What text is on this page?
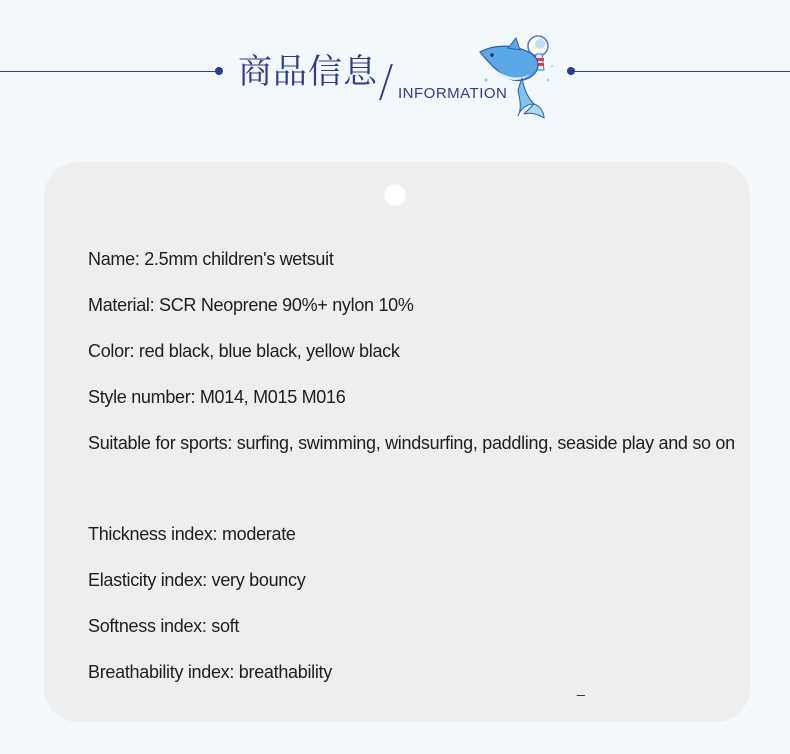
商品信息
INFORMATION
Name: 2.5mm children's wetsuit
Material: SCR Neoprene 90%+ nylon 10%
Color: red black, blue black, yellow black
Style number: M014, M015 M016
Suitable for sports: surfing, swimming, windsurfing, paddling, seaside play and so on
Thickness index: moderate
Elasticity index: very bouncy
Softness index: soft
Breathability index: breathability
_
